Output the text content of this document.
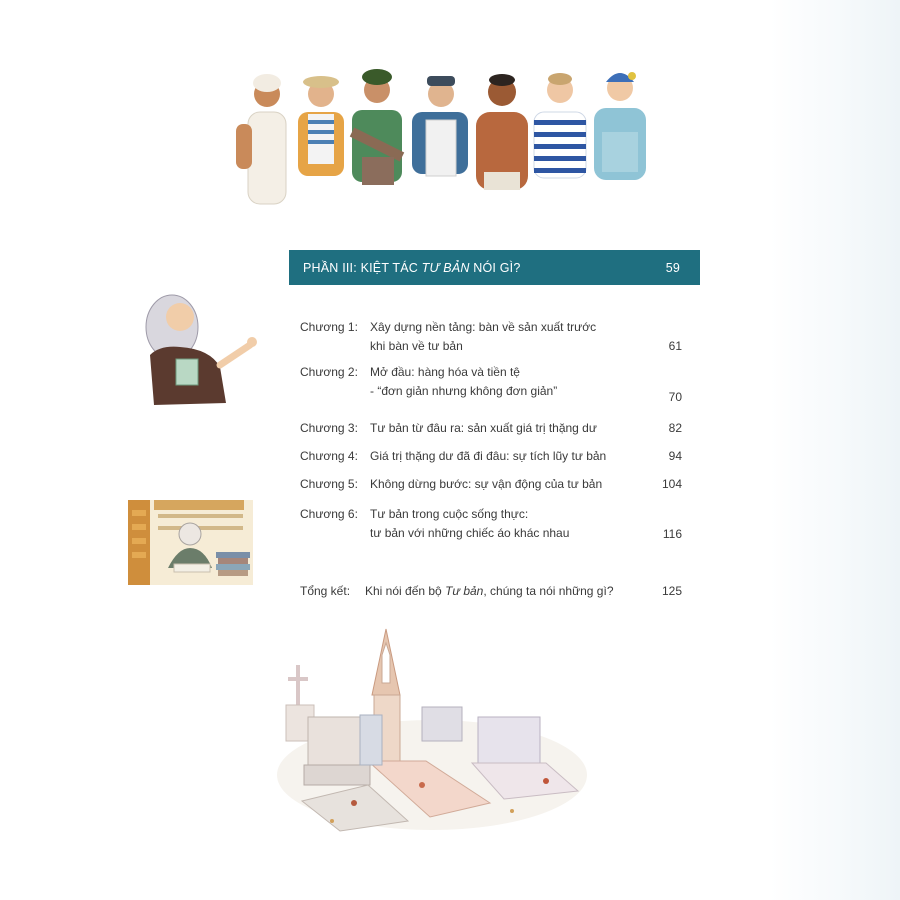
PHẦN III: KIỆT TÁC TƯ BẢN NÓI GÌ?	59
Chương 1:	Xây dựng nền tảng: bàn về sản xuất trước
khi bàn về tư bản	61
Chương 2:	Mở đầu: hàng hóa và tiền tệ
- “đơn giản nhưng không đơn giản”	70
Chương 3:	Tư bản từ đâu ra: sản xuất giá trị thặng dư	82
Chương 4:	Giá trị thặng dư đã đi đâu: sự tích lũy tư bản	94
Chương 5:	Không dừng bước: sự vận động của tư bản	104
Chương 6:	Tư bản trong cuộc sống thực:
tư bản với những chiếc áo khác nhau	116
Tổng kết:	Khi nói đến bộ Tư bản, chúng ta nói những gì?	125
